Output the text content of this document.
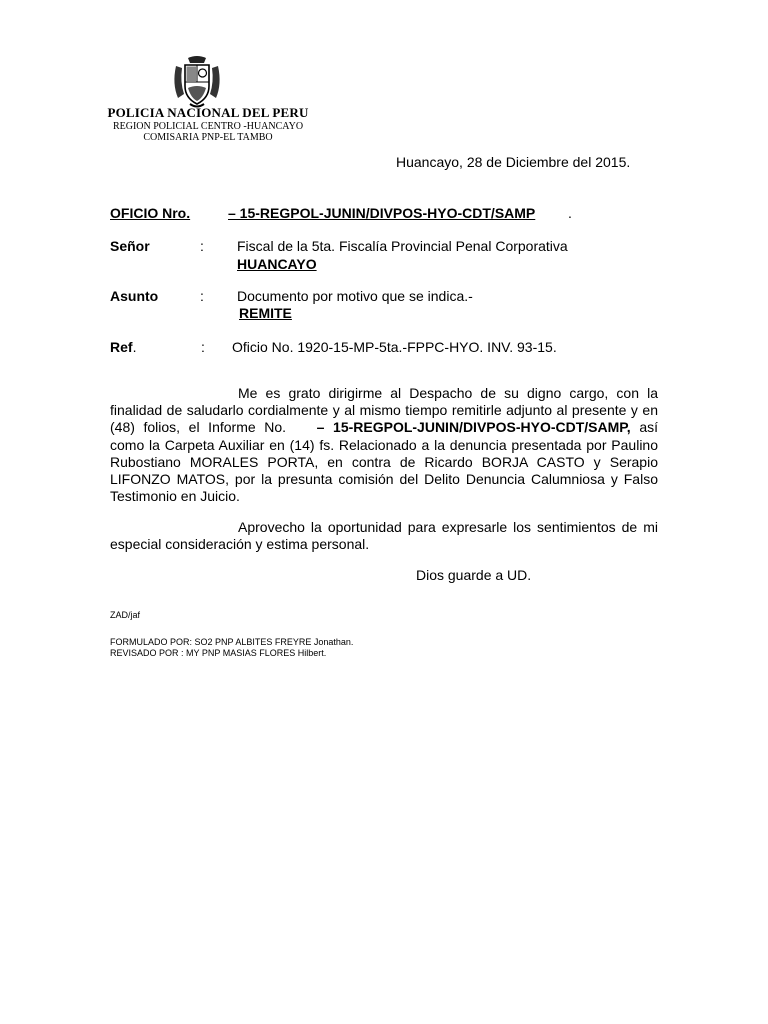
POLICIA NACIONAL DEL PERU
REGION POLICIAL CENTRO -HUANCAYO
COMISARIA PNP-EL TAMBO
Huancayo, 28 de Diciembre del 2015.
OFICIO Nro.	– 15-REGPOL-JUNIN/DIVPOS-HYO-CDT/SAMP .
Señor	: Fiscal de la 5ta. Fiscalía Provincial Penal Corporativa
HUANCAYO
Asunto	: Documento por motivo que se indica.-
REMITE
Ref.	: Oficio No. 1920-15-MP-5ta.-FPPC-HYO. INV. 93-15.
Me es grato dirigirme al Despacho de su digno cargo, con la finalidad de saludarlo cordialmente y al mismo tiempo remitirle adjunto al presente y en (48) folios, el Informe No. – 15-REGPOL-JUNIN/DIVPOS-HYO-CDT/SAMP, así como la Carpeta Auxiliar en (14) fs. Relacionado a la denuncia presentada por Paulino Rubostiano MORALES PORTA, en contra de Ricardo BORJA CASTO y Serapio LIFONZO MATOS, por la presunta comisión del Delito Denuncia Calumniosa y Falso Testimonio en Juicio.
Aprovecho la oportunidad para expresarle los sentimientos de mi especial consideración y estima personal.
Dios guarde a UD.
ZAD/jaf
FORMULADO POR: SO2 PNP ALBITES FREYRE Jonathan.
REVISADO POR : MY PNP MASIAS FLORES Hilbert.
